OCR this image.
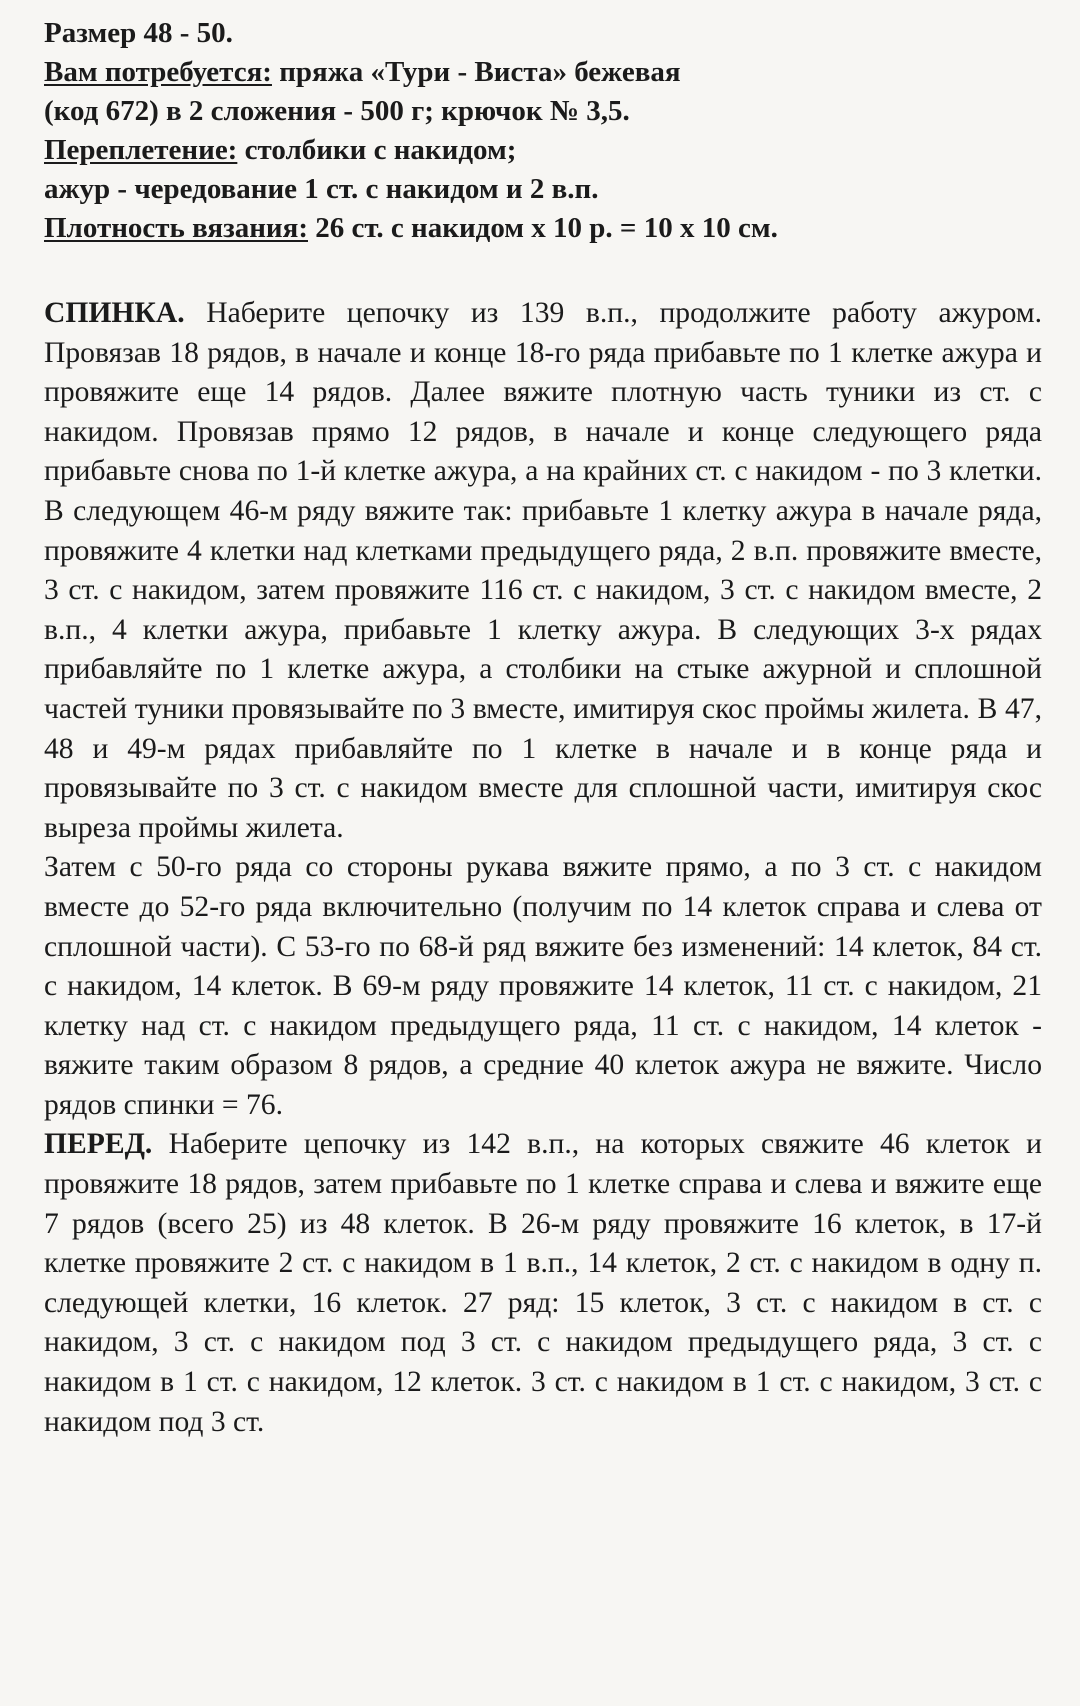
Размер 48 - 50.
Вам потребуется: пряжа «Тури - Виста» бежевая
(код 672) в 2 сложения - 500 г; крючок № 3,5.
Переплетение: столбики с накидом;
ажур - чередование 1 ст. с накидом и 2 в.п.
Плотность вязания: 26 ст. с накидом х 10 р. = 10 х 10 см.

СПИНКА. Наберите цепочку из 139 в.п., продолжите работу ажуром. Провязав 18 рядов, в начале и конце 18-го ряда прибавьте по 1 клетке ажура и провяжите еще 14 рядов. Далее вяжите плотную часть туники из ст. с накидом. Провязав прямо 12 рядов, в начале и конце следующего ряда прибавьте снова по 1-й клетке ажура, а на крайних ст. с накидом - по 3 клетки. В следующем 46-м ряду вяжите так: прибавьте 1 клетку ажура в начале ряда, провяжите 4 клетки над клетками предыдущего ряда, 2 в.п. провяжите вместе, 3 ст. с накидом, затем провяжите 116 ст. с накидом, 3 ст. с накидом вместе, 2 в.п., 4 клетки ажура, прибавьте 1 клетку ажура. В следующих 3-х рядах прибавляйте по 1 клетке ажура, а столбики на стыке ажурной и сплошной частей туники провязывайте по 3 вместе, имитируя скос проймы жилета. В 47, 48 и 49-м рядах прибавляйте по 1 клетке в начале и в конце ряда и провязывайте по 3 ст. с накидом вместе для сплошной части, имитируя скос выреза проймы жилета.

Затем с 50-го ряда со стороны рукава вяжите прямо, а по 3 ст. с накидом вместе до 52-го ряда включительно (получим по 14 клеток справа и слева от сплошной части). С 53-го по 68-й ряд вяжите без изменений: 14 клеток, 84 ст. с накидом, 14 клеток. В 69-м ряду провяжите 14 клеток, 11 ст. с накидом, 21 клетку над ст. с накидом предыдущего ряда, 11 ст. с накидом, 14 клеток - вяжите таким образом 8 рядов, а средние 40 клеток ажура не вяжите. Число рядов спинки = 76.

ПЕРЕД. Наберите цепочку из 142 в.п., на которых свяжите 46 клеток и провяжите 18 рядов, затем прибавьте по 1 клетке справа и слева и вяжите еще 7 рядов (всего 25) из 48 клеток. В 26-м ряду провяжите 16 клеток, в 17-й клетке провяжите 2 ст. с накидом в 1 в.п., 14 клеток, 2 ст. с накидом в одну п. следующей клетки, 16 клеток. 27 ряд: 15 клеток, 3 ст. с накидом в ст. с накидом, 3 ст. с накидом под 3 ст. с накидом предыдущего ряда, 3 ст. с накидом в 1 ст. с накидом, 12 клеток. 3 ст. с накидом в 1 ст. с накидом, 3 ст. с накидом под 3 ст.
